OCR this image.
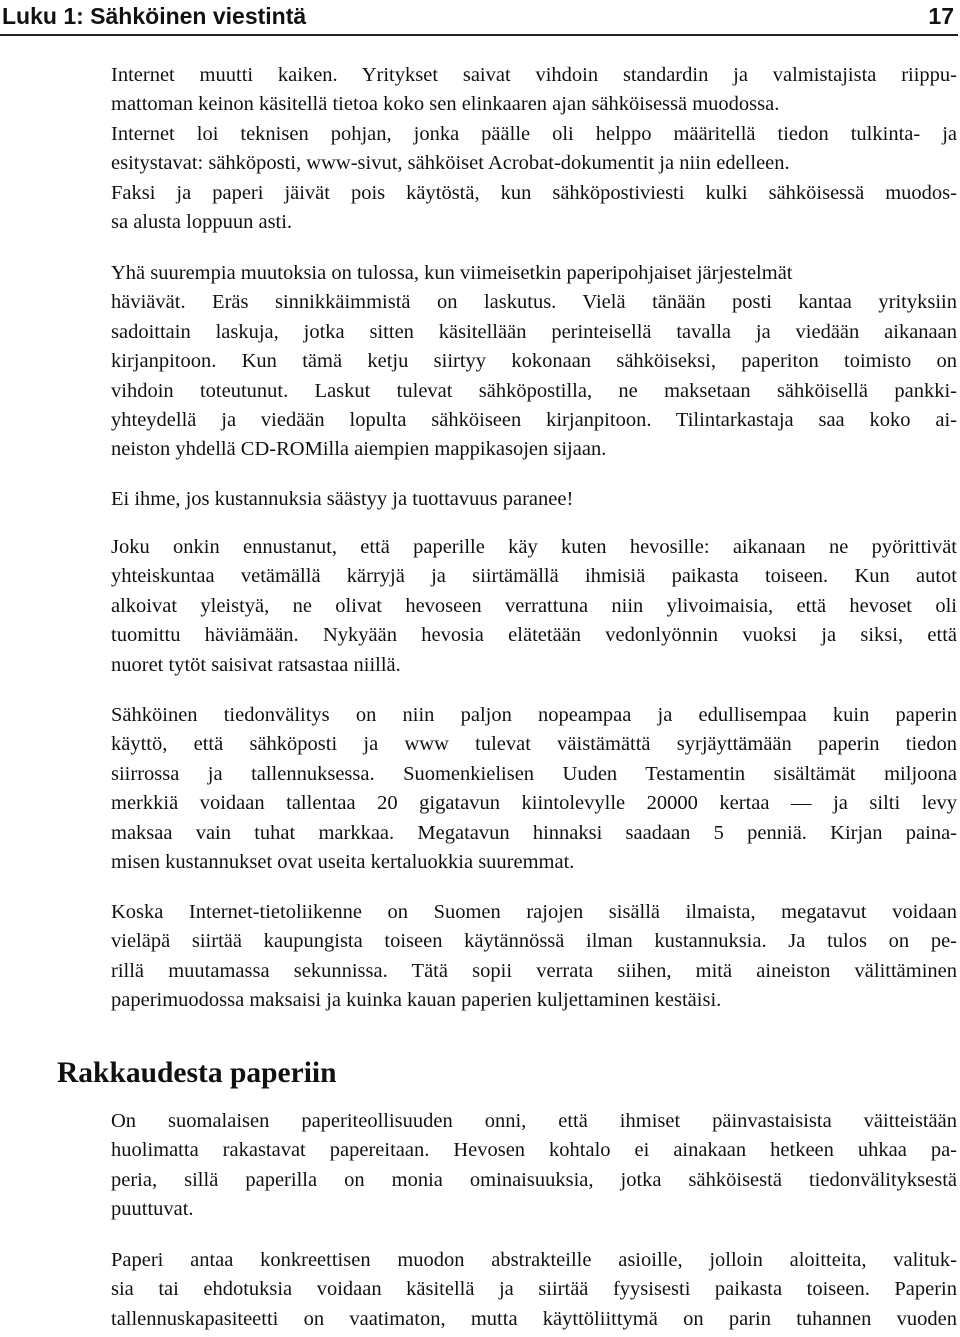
Luku 1: Sähköinen viestintä	17

Internet muutti kaiken. Yritykset saivat vihdoin standardin ja valmistajista riippu-
mattoman keinon käsitellä tietoa koko sen elinkaaren ajan sähköisessä muodossa.
Internet loi teknisen pohjan, jonka päälle oli helppo määritellä tiedon tulkinta- ja
esitystavat: sähköposti, www-sivut, sähköiset Acrobat-dokumentit ja niin edelleen.
Faksi ja paperi jäivät pois käytöstä, kun sähköpostiviesti kulki sähköisessä muodos-
sa alusta loppuun asti.

Yhä suurempia muutoksia on tulossa, kun viimeisetkin paperipohjaiset järjestelmät
häviävät. Eräs sinnikkäimmistä on laskutus. Vielä tänään posti kantaa yrityksiin
sadoittain laskuja, jotka sitten käsitellään perinteisellä tavalla ja viedään aikanaan
kirjanpitoon. Kun tämä ketju siirtyy kokonaan sähköiseksi, paperiton toimisto on
vihdoin toteutunut. Laskut tulevat sähköpostilla, ne maksetaan sähköisellä pankki-
yhteydellä ja viedään lopulta sähköiseen kirjanpitoon. Tilintarkastaja saa koko ai-
neiston yhdellä CD-ROMilla aiempien mappikasojen sijaan.

Ei ihme, jos kustannuksia säästyy ja tuottavuus paranee!

Joku onkin ennustanut, että paperille käy kuten hevosille: aikanaan ne pyörittivät
yhteiskuntaa vetämällä kärryjä ja siirtämällä ihmisiä paikasta toiseen. Kun autot
alkoivat yleistyä, ne olivat hevoseen verrattuna niin ylivoimaisia, että hevoset oli
tuomittu häviämään. Nykyään hevosia elätetään vedonlyönnin vuoksi ja siksi, että
nuoret tytöt saisivat ratsastaa niillä.

Sähköinen tiedonvälitys on niin paljon nopeampaa ja edullisempaa kuin paperin
käyttö, että sähköposti ja www tulevat väistämättä syrjäyttämään paperin tiedon
siirrossa ja tallennuksessa. Suomenkielisen Uuden Testamentin sisältämät miljoona
merkkiä voidaan tallentaa 20 gigatavun kiintolevylle 20000 kertaa — ja silti levy
maksaa vain tuhat markkaa. Megatavun hinnaksi saadaan 5 penniä. Kirjan paina-
misen kustannukset ovat useita kertaluokkia suuremmat.

Koska Internet-tietoliikenne on Suomen rajojen sisällä ilmaista, megatavut voidaan
vieläpä siirtää kaupungista toiseen käytännössä ilman kustannuksia. Ja tulos on pe-
rillä muutamassa sekunnissa. Tätä sopii verrata siihen, mitä aineiston välittäminen
paperimuodossa maksaisi ja kuinka kauan paperien kuljettaminen kestäisi.

Rakkaudesta paperiin

On suomalaisen paperiteollisuuden onni, että ihmiset päinvastaisista väitteistään
huolimatta rakastavat papereitaan. Hevosen kohtalo ei ainakaan hetkeen uhkaa pa-
peria, sillä paperilla on monia ominaisuuksia, jotka sähköisestä tiedonvälityksestä
puuttuvat.

Paperi antaa konkreettisen muodon abstrakteille asioille, jolloin aloitteita, valituk-
sia tai ehdotuksia voidaan käsitellä ja siirtää fyysisesti paikasta toiseen. Paperin
tallennuskapasiteetti on vaatimaton, mutta käyttöliittymä on parin tuhannen vuoden
